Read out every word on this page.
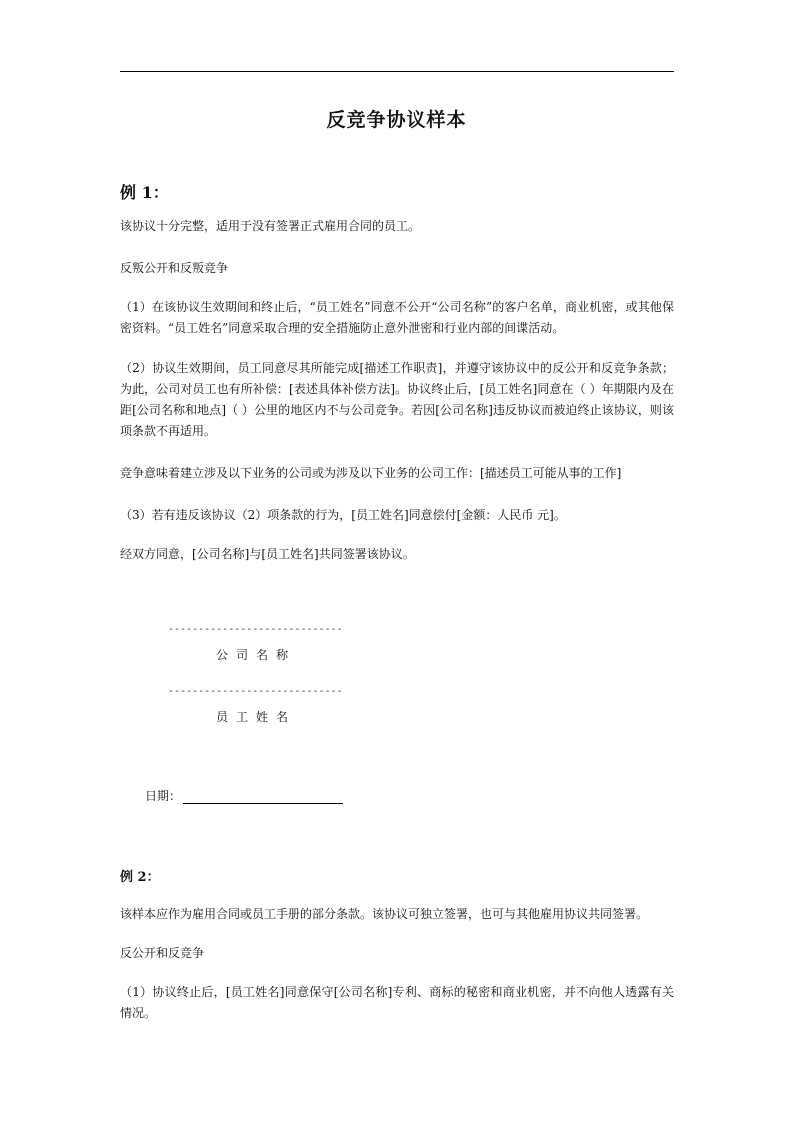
反竞争协议样本
例 1：

该协议十分完整，适用于没有签署正式雇用合同的员工。

反叛公开和反叛竞争

（1）在该协议生效期间和终止后，“员工姓名”同意不公开“公司名称”的客户名单，商业机密，或其他保密资料。“员工姓名”同意采取合理的安全措施防止意外泄密和行业内部的间谍活动。

（2）协议生效期间，员工同意尽其所能完成[描述工作职责]，并遵守该协议中的反公开和反竞争条款；为此，公司对员工也有所补偿：[表述具体补偿方法]。协议终止后，[员工姓名]同意在（ ）年期限内及在距[公司名称和地点]（ ）公里的地区内不与公司竞争。若因[公司名称]违反协议而被迫终止该协议，则该项条款不再适用。

竞争意味着建立涉及以下业务的公司或为涉及以下业务的公司工作：[描述员工可能从事的工作]

（3）若有违反该协议（2）项条款的行为，[员工姓名]同意偿付[金额：人民币 元]。

经双方同意，[公司名称]与[员工姓名]共同签署该协议。

-----------------------------
公司名称
-----------------------------
员工姓名
日期：
例 2：

该样本应作为雇用合同或员工手册的部分条款。该协议可独立签署，也可与其他雇用协议共同签署。

反公开和反竞争

（1）协议终止后，[员工姓名]同意保守[公司名称]专利、商标的秘密和商业机密，并不向他人透露有关情况。
